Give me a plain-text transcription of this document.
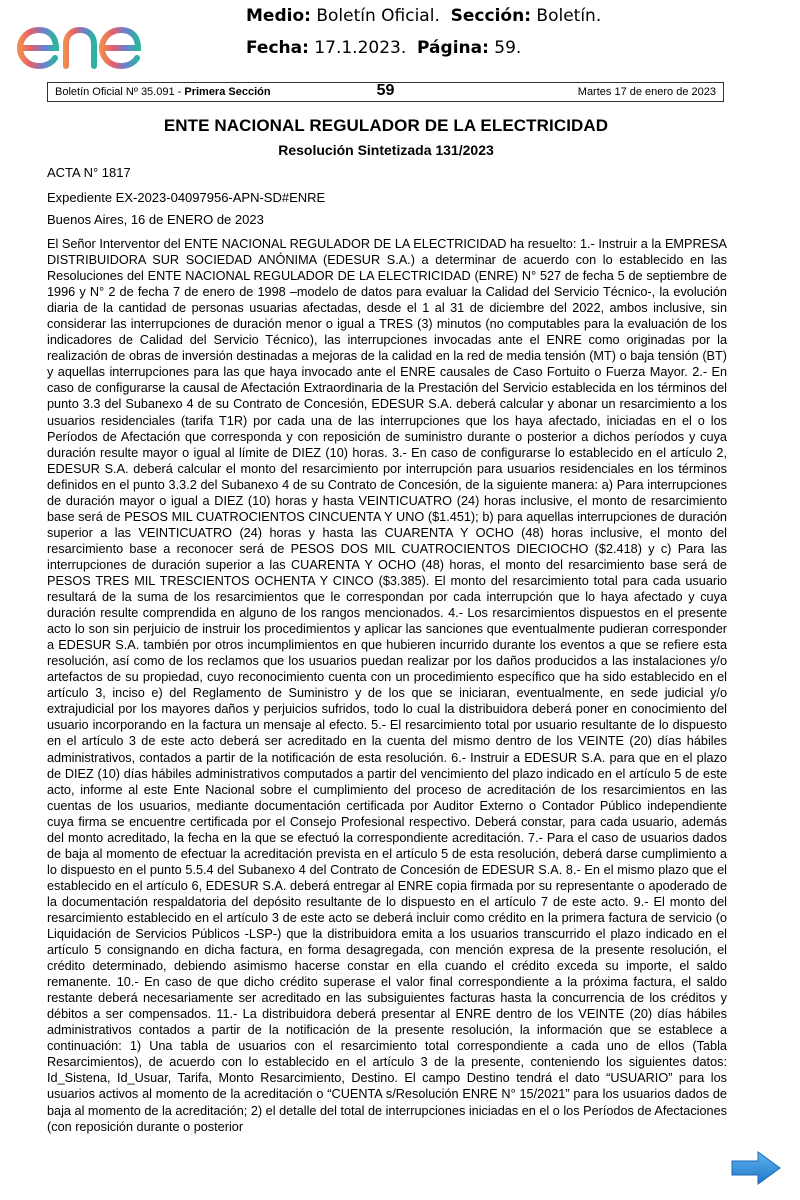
Medio: Boletín Oficial. Sección: Boletín.
Fecha: 17.1.2023. Página: 59.
Boletín Oficial Nº 35.091 - Primera Sección	59	Martes 17 de enero de 2023
ENTE NACIONAL REGULADOR DE LA ELECTRICIDAD
Resolución Sintetizada 131/2023
ACTA N° 1817
Expediente EX-2023-04097956-APN-SD#ENRE
Buenos Aires, 16 de ENERO de 2023
El Señor Interventor del ENTE NACIONAL REGULADOR DE LA ELECTRICIDAD ha resuelto: 1.- Instruir a la EMPRESA DISTRIBUIDORA SUR SOCIEDAD ANÓNIMA (EDESUR S.A.) a determinar de acuerdo con lo establecido en las Resoluciones del ENTE NACIONAL REGULADOR DE LA ELECTRICIDAD (ENRE) N° 527 de fecha 5 de septiembre de 1996 y N° 2 de fecha 7 de enero de 1998 –modelo de datos para evaluar la Calidad del Servicio Técnico-, la evolución diaria de la cantidad de personas usuarias afectadas, desde el 1 al 31 de diciembre del 2022, ambos inclusive, sin considerar las interrupciones de duración menor o igual a TRES (3) minutos (no computables para la evaluación de los indicadores de Calidad del Servicio Técnico), las interrupciones invocadas ante el ENRE como originadas por la realización de obras de inversión destinadas a mejoras de la calidad en la red de media tensión (MT) o baja tensión (BT) y aquellas interrupciones para las que haya invocado ante el ENRE causales de Caso Fortuito o Fuerza Mayor. 2.- En caso de configurarse la causal de Afectación Extraordinaria de la Prestación del Servicio establecida en los términos del punto 3.3 del Subanexo 4 de su Contrato de Concesión, EDESUR S.A. deberá calcular y abonar un resarcimiento a los usuarios residenciales (tarifa T1R) por cada una de las interrupciones que los haya afectado, iniciadas en el o los Períodos de Afectación que corresponda y con reposición de suministro durante o posterior a dichos períodos y cuya duración resulte mayor o igual al límite de DIEZ (10) horas. 3.- En caso de configurarse lo establecido en el artículo 2, EDESUR S.A. deberá calcular el monto del resarcimiento por interrupción para usuarios residenciales en los términos definidos en el punto 3.3.2 del Subanexo 4 de su Contrato de Concesión, de la siguiente manera: a) Para interrupciones de duración mayor o igual a DIEZ (10) horas y hasta VEINTICUATRO (24) horas inclusive, el monto de resarcimiento base será de PESOS MIL CUATROCIENTOS CINCUENTA Y UNO ($1.451); b) para aquellas interrupciones de duración superior a las VEINTICUATRO (24) horas y hasta las CUARENTA Y OCHO (48) horas inclusive, el monto del resarcimiento base a reconocer será de PESOS DOS MIL CUATROCIENTOS DIECIOCHO ($2.418) y c) Para las interrupciones de duración superior a las CUARENTA Y OCHO (48) horas, el monto del resarcimiento base será de PESOS TRES MIL TRESCIENTOS OCHENTA Y CINCO ($3.385). El monto del resarcimiento total para cada usuario resultará de la suma de los resarcimientos que le correspondan por cada interrupción que lo haya afectado y cuya duración resulte comprendida en alguno de los rangos mencionados. 4.- Los resarcimientos dispuestos en el presente acto lo son sin perjuicio de instruir los procedimientos y aplicar las sanciones que eventualmente pudieran corresponder a EDESUR S.A. también por otros incumplimientos en que hubieren incurrido durante los eventos a que se refiere esta resolución, así como de los reclamos que los usuarios puedan realizar por los daños producidos a las instalaciones y/o artefactos de su propiedad, cuyo reconocimiento cuenta con un procedimiento específico que ha sido establecido en el artículo 3, inciso e) del Reglamento de Suministro y de los que se iniciaran, eventualmente, en sede judicial y/o extrajudicial por los mayores daños y perjuicios sufridos, todo lo cual la distribuidora deberá poner en conocimiento del usuario incorporando en la factura un mensaje al efecto. 5.- El resarcimiento total por usuario resultante de lo dispuesto en el artículo 3 de este acto deberá ser acreditado en la cuenta del mismo dentro de los VEINTE (20) días hábiles administrativos, contados a partir de la notificación de esta resolución. 6.- Instruir a EDESUR S.A. para que en el plazo de DIEZ (10) días hábiles administrativos computados a partir del vencimiento del plazo indicado en el artículo 5 de este acto, informe al este Ente Nacional sobre el cumplimiento del proceso de acreditación de los resarcimientos en las cuentas de los usuarios, mediante documentación certificada por Auditor Externo o Contador Público independiente cuya firma se encuentre certificada por el Consejo Profesional respectivo. Deberá constar, para cada usuario, además del monto acreditado, la fecha en la que se efectuó la correspondiente acreditación. 7.- Para el caso de usuarios dados de baja al momento de efectuar la acreditación prevista en el artículo 5 de esta resolución, deberá darse cumplimiento a lo dispuesto en el punto 5.5.4 del Subanexo 4 del Contrato de Concesión de EDESUR S.A. 8.- En el mismo plazo que el establecido en el artículo 6, EDESUR S.A. deberá entregar al ENRE copia firmada por su representante o apoderado de la documentación respaldatoria del depósito resultante de lo dispuesto en el artículo 7 de este acto. 9.- El monto del resarcimiento establecido en el artículo 3 de este acto se deberá incluir como crédito en la primera factura de servicio (o Liquidación de Servicios Públicos -LSP-) que la distribuidora emita a los usuarios transcurrido el plazo indicado en el artículo 5 consignando en dicha factura, en forma desagregada, con mención expresa de la presente resolución, el crédito determinado, debiendo asimismo hacerse constar en ella cuando el crédito exceda su importe, el saldo remanente. 10.- En caso de que dicho crédito superase el valor final correspondiente a la próxima factura, el saldo restante deberá necesariamente ser acreditado en las subsiguientes facturas hasta la concurrencia de los créditos y débitos a ser compensados. 11.- La distribuidora deberá presentar al ENRE dentro de los VEINTE (20) días hábiles administrativos contados a partir de la notificación de la presente resolución, la información que se establece a continuación: 1) Una tabla de usuarios con el resarcimiento total correspondiente a cada uno de ellos (Tabla Resarcimientos), de acuerdo con lo establecido en el artículo 3 de la presente, conteniendo los siguientes datos: Id_Sistena, Id_Usuar, Tarifa, Monto Resarcimiento, Destino. El campo Destino tendrá el dato “USUARIO” para los usuarios activos al momento de la acreditación o “CUENTA s/Resolución ENRE N° 15/2021” para los usuarios dados de baja al momento de la acreditación; 2) el detalle del total de interrupciones iniciadas en el o los Períodos de Afectaciones (con reposición durante o posterior
